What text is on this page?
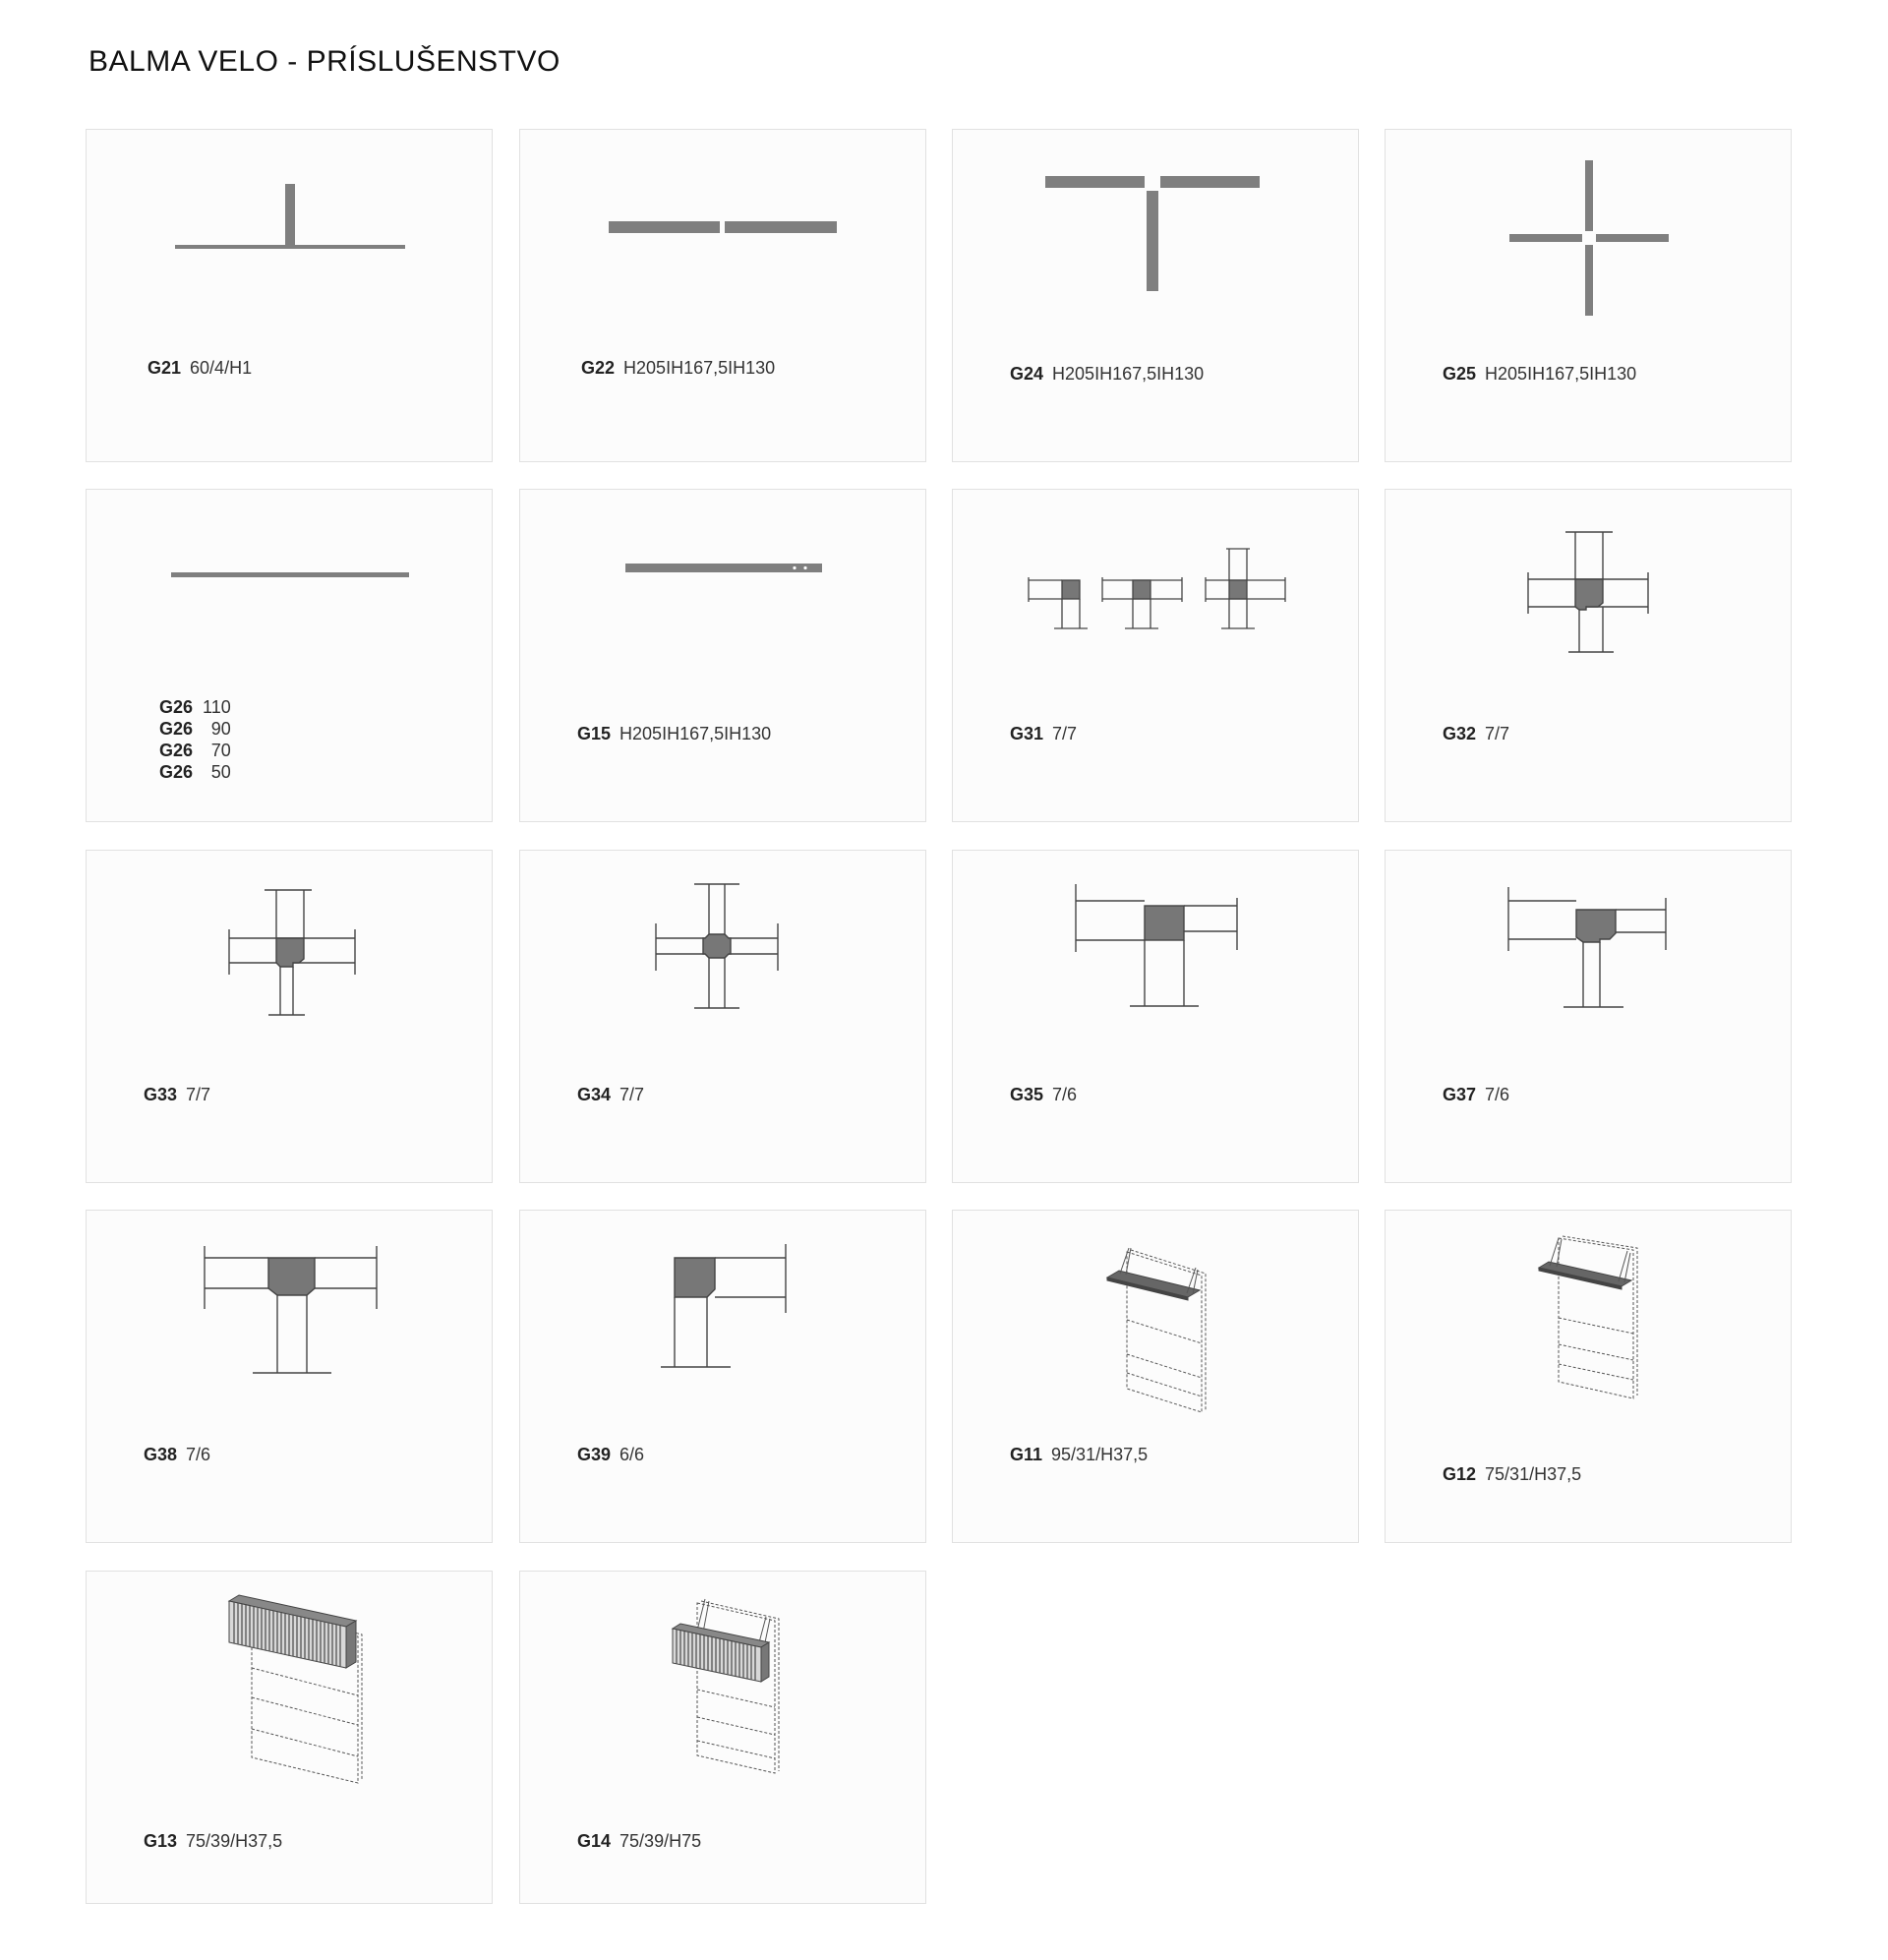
BALMA VELO - PRÍSLUŠENSTVO
G21 60/4/H1	G22 H205IH167,5IH130	G24 H205IH167,5IH130	G25 H205IH167,5IH130
G26 110
G26	90
G26	70
G26	50
G15 H205IH167,5IH130	G31 7/7	G32 7/7
G33 7/7	G34 7/7	G35 7/6	G37 7/6
G38 7/6	G39 6/6	G11 95/31/H37,5
G12 75/31/H37,5
G13 75/39/H37,5	G14 75/39/H75
